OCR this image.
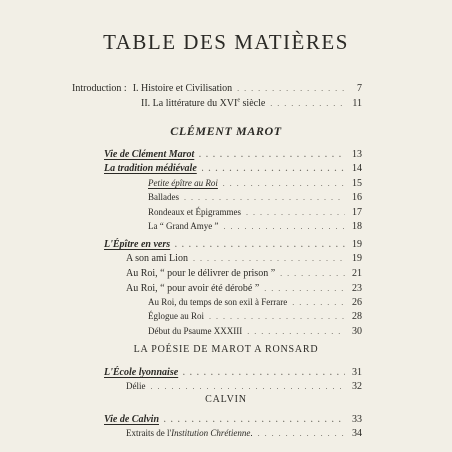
TABLE DES MATIÈRES
Introduction : I. Histoire et Civilisation . . .	7
II. La littérature du XVIe siècle . . .	11
CLÉMENT MAROT
Vie de Clément Marot . . .	13
La tradition médiévale . . .	14
Petite épître au Roi . . .	15
Ballades . . .	16
Rondeaux et Épigrammes . . .	17
La “ Grand Amye ” . . .	18
L'Épître en vers . . .	19
A son ami Lion . . .	19
Au Roi, “ pour le délivrer de prison ” . . .	21
Au Roi, “ pour avoir été dérobé ” . . .	23
Au Roi, du temps de son exil à Ferrare . . .	26
Églogue au Roi . . .	28
Début du Psaume XXXIII . . .	30
LA POÉSIE DE MAROT A RONSARD
L'École lyonnaise . . .	31
Délie . . .	32
CALVIN
Vie de Calvin . . .	33
Extraits de l'Institution Chrétienne. . . .	34
